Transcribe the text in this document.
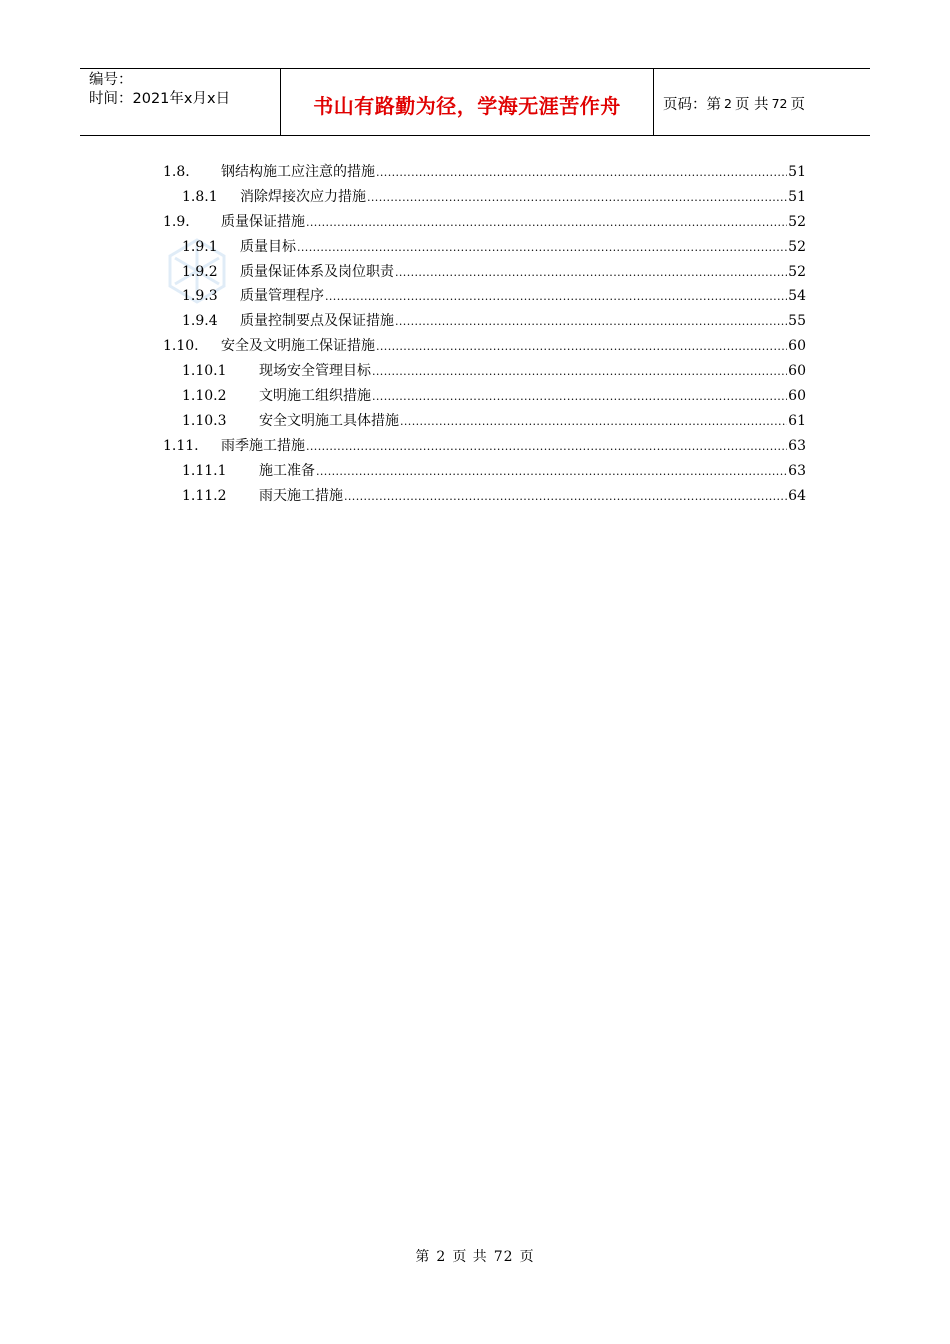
编号：
时间：2021年x月x日	书山有路勤为径，学海无涯苦作舟	页码：第 2 页 共 72 页
1.8.	钢结构施工应注意的措施 .....	51
1.8.1	消除焊接次应力措施 .....	51
1.9.	质量保证措施 .....	52
1.9.1	质量目标 .....	52
1.9.2	质量保证体系及岗位职责 .....	52
1.9.3	质量管理程序 .....	54
1.9.4	质量控制要点及保证措施 .....	55
1.10.	安全及文明施工保证措施 .....	60
1.10.1	现场安全管理目标 .....	60
1.10.2	文明施工组织措施 .....	60
1.10.3	安全文明施工具体措施 .....	61
1.11.	雨季施工措施 .....	63
1.11.1	施工准备 .....	63
1.11.2	雨天施工措施 .....	64
第 2 页 共 72 页
